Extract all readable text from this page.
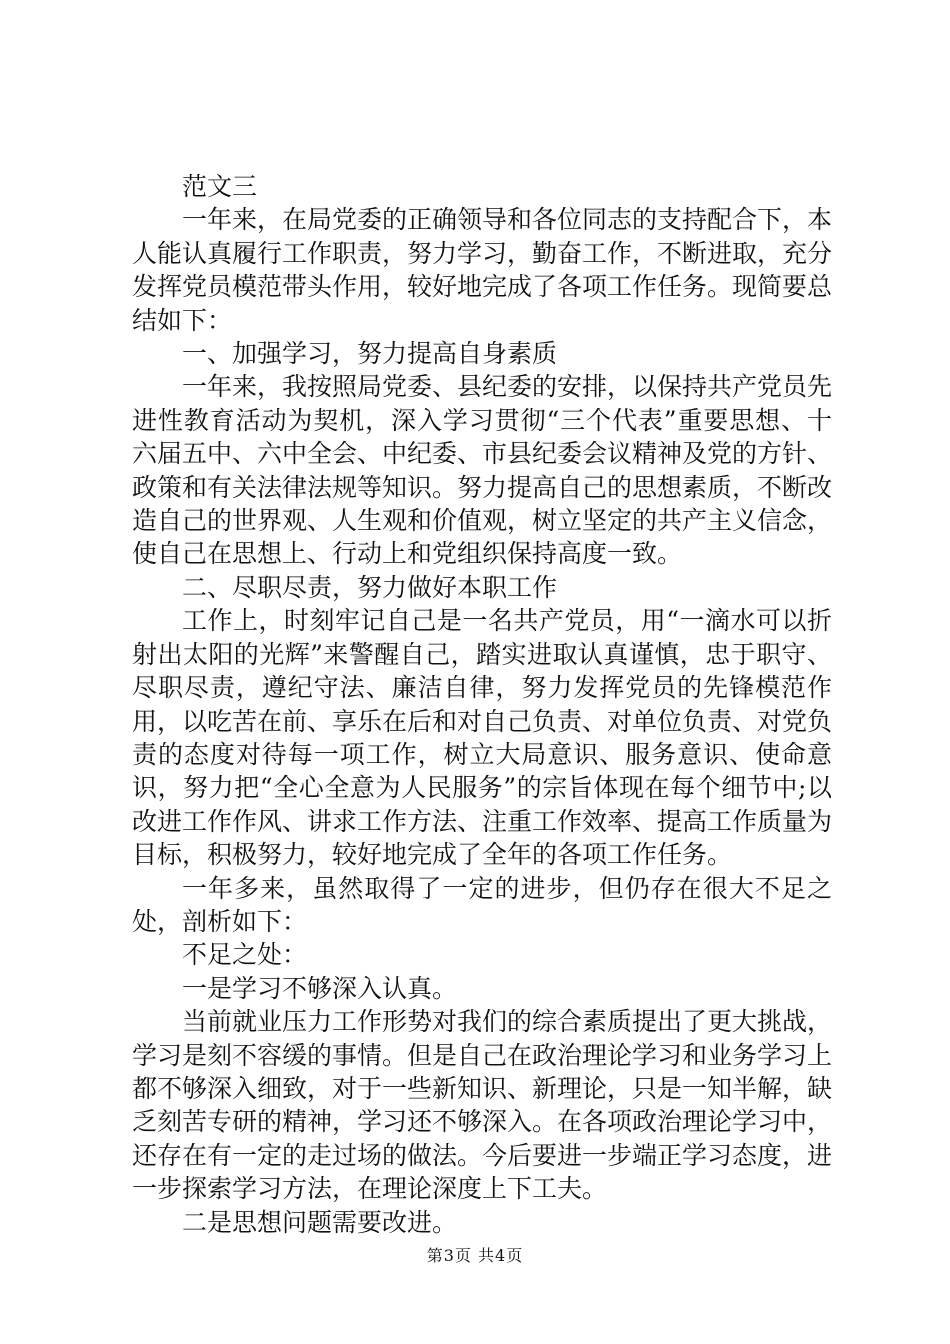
范文三

一年来，在局党委的正确领导和各位同志的支持配合下，本人能认真履行工作职责，努力学习，勤奋工作，不断进取，充分发挥党员模范带头作用，较好地完成了各项工作任务。现简要总结如下：

一、加强学习，努力提高自身素质

一年来，我按照局党委、县纪委的安排，以保持共产党员先进性教育活动为契机，深入学习贯彻“三个代表”重要思想、十六届五中、六中全会、中纪委、市县纪委会议精神及党的方针、政策和有关法律法规等知识。努力提高自己的思想素质，不断改造自己的世界观、人生观和价值观，树立坚定的共产主义信念，使自己在思想上、行动上和党组织保持高度一致。

二、尽职尽责，努力做好本职工作

工作上，时刻牢记自己是一名共产党员，用“一滴水可以折射出太阳的光辉”来警醒自己，踏实进取认真谨慎，忠于职守、尽职尽责，遵纪守法、廉洁自律，努力发挥党员的先锋模范作用，以吃苦在前、享乐在后和对自己负责、对单位负责、对党负责的态度对待每一项工作，树立大局意识、服务意识、使命意识，努力把“全心全意为人民服务”的宗旨体现在每个细节中;以改进工作作风、讲求工作方法、注重工作效率、提高工作质量为目标，积极努力，较好地完成了全年的各项工作任务。

一年多来，虽然取得了一定的进步，但仍存在很大不足之处，剖析如下：

不足之处：

一是学习不够深入认真。

当前就业压力工作形势对我们的综合素质提出了更大挑战，学习是刻不容缓的事情。但是自己在政治理论学习和业务学习上都不够深入细致，对于一些新知识、新理论，只是一知半解，缺乏刻苦专研的精神，学习还不够深入。在各项政治理论学习中，还存在有一定的走过场的做法。今后要进一步端正学习态度，进一步探索学习方法，在理论深度上下工夫。

二是思想问题需要改进。

第3页 共4页
